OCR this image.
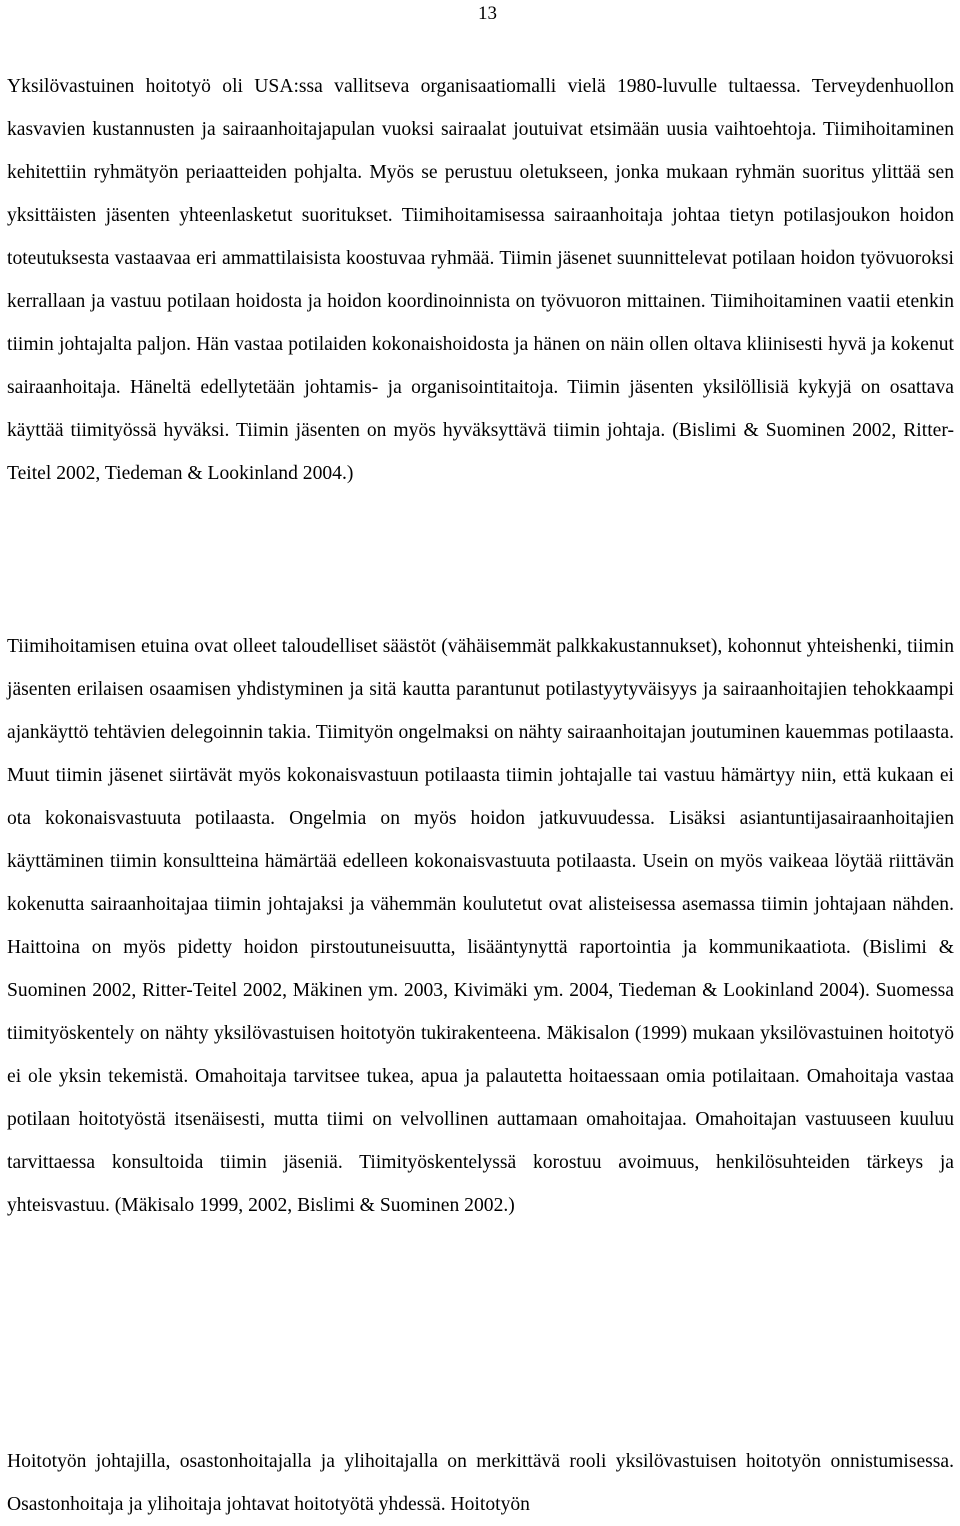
13

Yksilövastuinen hoitotyö oli USA:ssa vallitseva organisaatiomalli vielä 1980-luvulle tultaessa. Terveydenhuollon kasvavien kustannusten ja sairaanhoitajapulan vuoksi sairaalat joutuivat etsimään uusia vaihtoehtoja. Tiimihoitaminen kehitettiin ryhmätyön periaatteiden pohjalta. Myös se perustuu oletukseen, jonka mukaan ryhmän suoritus ylittää sen yksittäisten jäsenten yhteenlasketut suoritukset. Tiimihoitamisessa sairaanhoitaja johtaa tietyn potilasjoukon hoidon toteutuksesta vastaavaa eri ammattilaisista koostuvaa ryhmää. Tiimin jäsenet suunnittelevat potilaan hoidon työvuoroksi kerrallaan ja vastuu potilaan hoidosta ja hoidon koordinoinnista on työvuoron mittainen. Tiimihoitaminen vaatii etenkin tiimin johtajalta paljon. Hän vastaa potilaiden kokonaishoidosta ja hänen on näin ollen oltava kliinisesti hyvä ja kokenut sairaanhoitaja. Häneltä edellytetään johtamis- ja organisointitaitoja. Tiimin jäsenten yksilöllisiä kykyjä on osattava käyttää tiimityössä hyväksi. Tiimin jäsenten on myös hyväksyttävä tiimin johtaja. (Bislimi & Suominen 2002, Ritter-Teitel 2002, Tiedeman & Lookinland 2004.)

Tiimihoitamisen etuina ovat olleet taloudelliset säästöt (vähäisemmät palkkakustannukset), kohonnut yhteishenki, tiimin jäsenten erilaisen osaamisen yhdistyminen ja sitä kautta parantunut potilastyytyväisyys ja sairaanhoitajien tehokkaampi ajankäyttö tehtävien delegoinnin takia. Tiimityön ongelmaksi on nähty sairaanhoitajan joutuminen kauemmas potilaasta. Muut tiimin jäsenet siirtävät myös kokonaisvastuun potilaasta tiimin johtajalle tai vastuu hämärtyy niin, että kukaan ei ota kokonaisvastuuta potilaasta. Ongelmia on myös hoidon jatkuvuudessa. Lisäksi asiantuntijasairaanhoitajien käyttäminen tiimin konsultteina hämärtää edelleen kokonaisvastuuta potilaasta. Usein on myös vaikeaa löytää riittävän kokenutta sairaanhoitajaa tiimin johtajaksi ja vähemmän koulutetut ovat alisteisessa asemassa tiimin johtajaan nähden. Haittoina on myös pidetty hoidon pirstoutuneisuutta, lisääntynyttä raportointia ja kommunikaatiota. (Bislimi & Suominen 2002, Ritter-Teitel 2002, Mäkinen ym. 2003, Kivimäki ym. 2004, Tiedeman & Lookinland 2004). Suomessa tiimityöskentely on nähty yksilövastuisen hoitotyön tukirakenteena. Mäkisalon (1999) mukaan yksilövastuinen hoitotyö ei ole yksin tekemistä. Omahoitaja tarvitsee tukea, apua ja palautetta hoitaessaan omia potilaitaan. Omahoitaja vastaa potilaan hoitotyöstä itsenäisesti, mutta tiimi on velvollinen auttamaan omahoitajaa. Omahoitajan vastuuseen kuuluu tarvittaessa konsultoida tiimin jäseniä. Tiimityöskentelyssä korostuu avoimuus, henkilösuhteiden tärkeys ja yhteisvastuu. (Mäkisalo 1999, 2002, Bislimi & Suominen 2002.)

Hoitotyön johtajilla, osastonhoitajalla ja ylihoitajalla on merkittävä rooli yksilövastuisen hoitotyön onnistumisessa. Osastonhoitaja ja ylihoitaja johtavat hoitotyötä yhdessä. Hoitotyön
